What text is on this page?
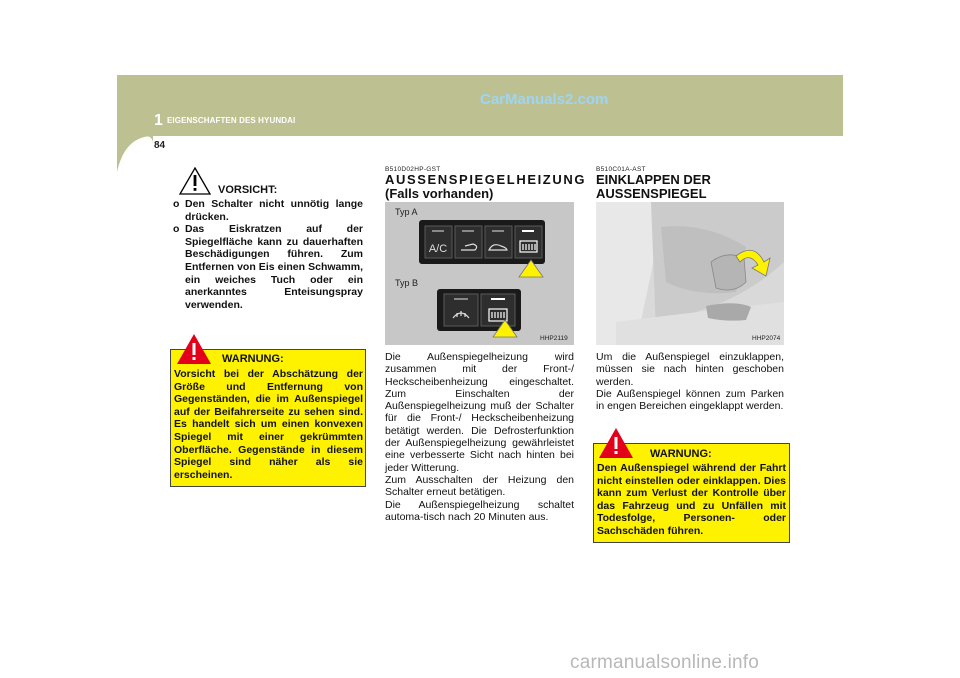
1 EIGENSCHAFTEN DES HYUNDAI
CarManuals2.com
84
VORSICHT:
o Den Schalter nicht unnötig lange drücken.
o Das Eiskratzen auf der Spiegelfläche kann zu dauerhaften Beschädigungen führen. Zum Entfernen von Eis einen Schwamm, ein weiches Tuch oder ein anerkanntes Enteisungspray verwenden.
WARNUNG:
Vorsicht bei der Abschätzung der Größe und Entfernung von Gegenständen, die im Außenspiegel auf der Beifahrerseite zu sehen sind. Es handelt sich um einen konvexen Spiegel mit einer gekrümmten Oberfläche. Gegenstände in diesem Spiegel sind näher als sie erscheinen.
B510D02HP-GST
AUSSENSPIEGELHEIZUNG
(Falls vorhanden)
A/C
Typ A
Typ B
HHP2119

Die Außenspiegelheizung wird zusammen mit der Front-/ Heckscheibenheizung eingeschaltet. Zum Einschalten der Außenspiegelheizung muß der Schalter für die Front-/ Heckscheibenheizung betätigt werden. Die Defrosterfunktion der Außenspiegelheizung gewährleistet eine verbesserte Sicht nach hinten bei jeder Witterung.

Zum Ausschalten der Heizung den Schalter erneut betätigen.

Die Außenspiegelheizung schaltet automa-tisch nach 20 Minuten aus.

B510C01A-AST
EINKLAPPEN DER
AUSSENSPIEGEL
HHP2074

Um die Außenspiegel einzuklappen, müssen sie nach hinten geschoben werden.

Die Außenspiegel können zum Parken in engen Bereichen eingeklappt werden.

WARNUNG:
Den Außenspiegel während der Fahrt nicht einstellen oder einklappen. Dies kann zum Verlust der Kontrolle über das Fahrzeug und zu Unfällen mit Todesfolge, Personen- oder Sachschäden führen.
carmanualsonline.info
